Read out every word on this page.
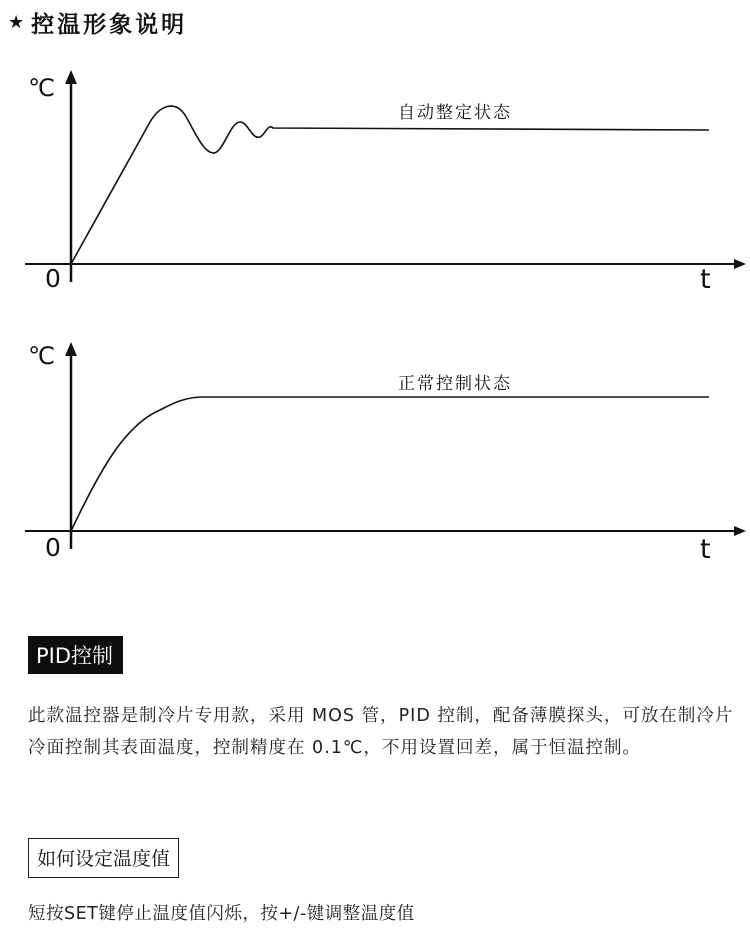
★ 控温形象说明
℃
0	t
自动整定状态
℃
0	t
正常控制状态
PID控制
此款温控器是制冷片专用款，采用 MOS 管，PID 控制，配备薄膜探头，可放在制冷片冷面控制其表面温度，控制精度在 0.1℃，不用设置回差，属于恒温控制。
如何设定温度值
短按SET键停止温度值闪烁，按+/-键调整温度值
